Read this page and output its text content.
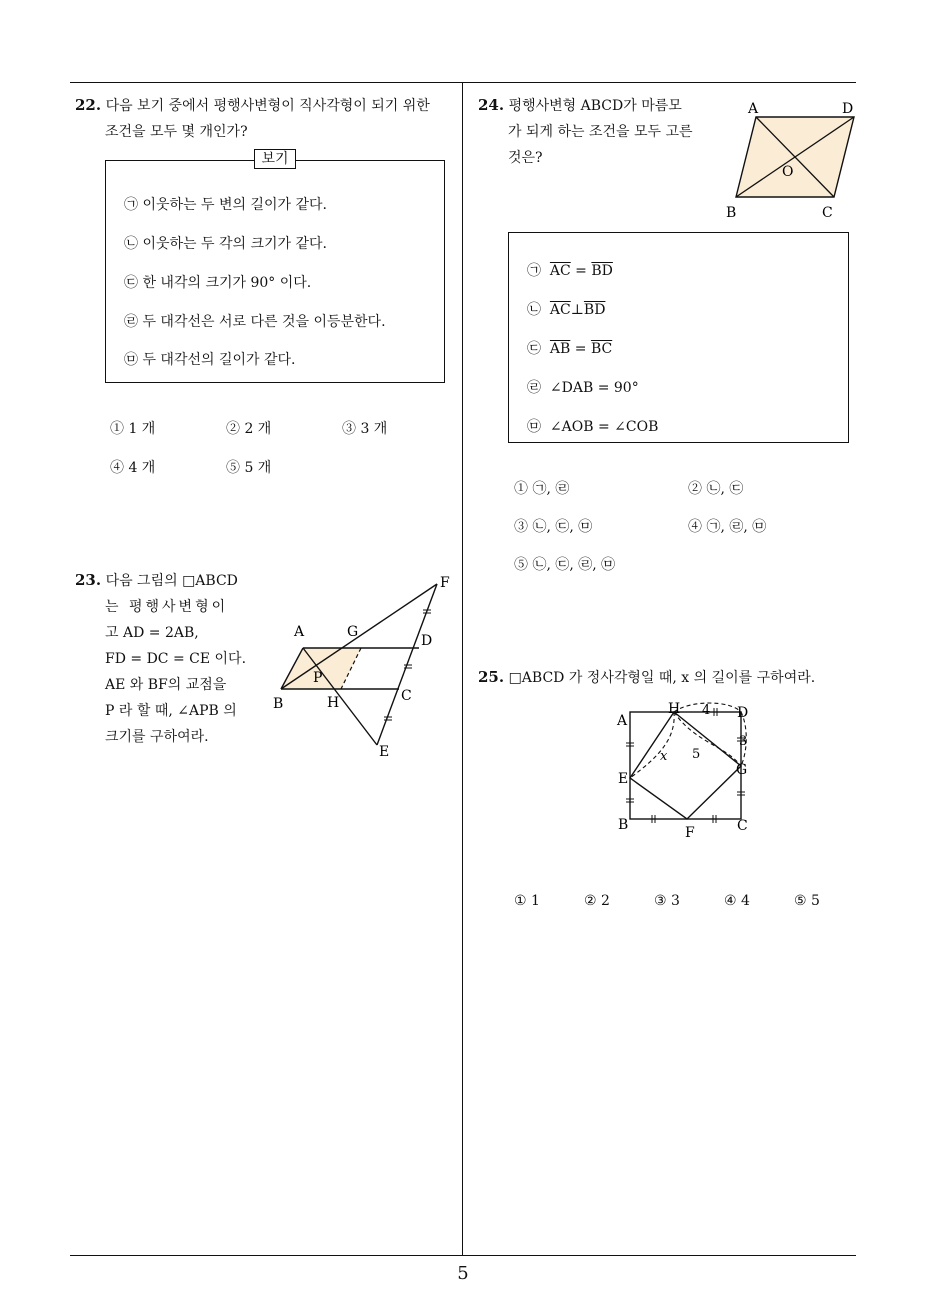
22. 다음 보기 중에서 평행사변형이 직사각형이 되기 위한
조건을 모두 몇 개인가?
보기
㉠ 이웃하는 두 변의 길이가 같다.
㉡ 이웃하는 두 각의 크기가 같다.
㉢ 한 내각의 크기가 90° 이다.
㉣ 두 대각선은 서로 다른 것을 이등분한다.
㉤ 두 대각선의 길이가 같다.
① 1 개	② 2 개	③ 3 개
④ 4 개	⑤ 5 개
23. 다음 그림의 □ABCD
는 평행사변형이
고 AD = 2AB,
FD = DC = CE 이다.
AE 와 BF의 교점을
P 라 할 때, ∠APB 의
크기를 구하여라.
A	G
D
F
P
B	H	C
E
24. 평행사변형 ABCD가 마름모
가 되게 하는 조건을 모두 고른
것은?
A	D
O
B	C
㉠ $\overline{AC} = \overline{BD}$
㉡ $\overline{AC}\perp\overline{BD}$
㉢ $\overline{AB} = \overline{BC}$
㉣ ∠DAB = 90°
㉤ ∠AOB = ∠COB
① ㉠, ㉣	② ㉡, ㉢
③ ㉡, ㉢, ㉤	④ ㉠, ㉣, ㉤
⑤ ㉡, ㉢, ㉣, ㉤
25. □ABCD 가 정사각형일 때, x 의 길이를 구하여라.
A
H 4 D
3
x 5
E
G
B	F	C
① 1	② 2	③ 3	④ 4	⑤ 5
5
